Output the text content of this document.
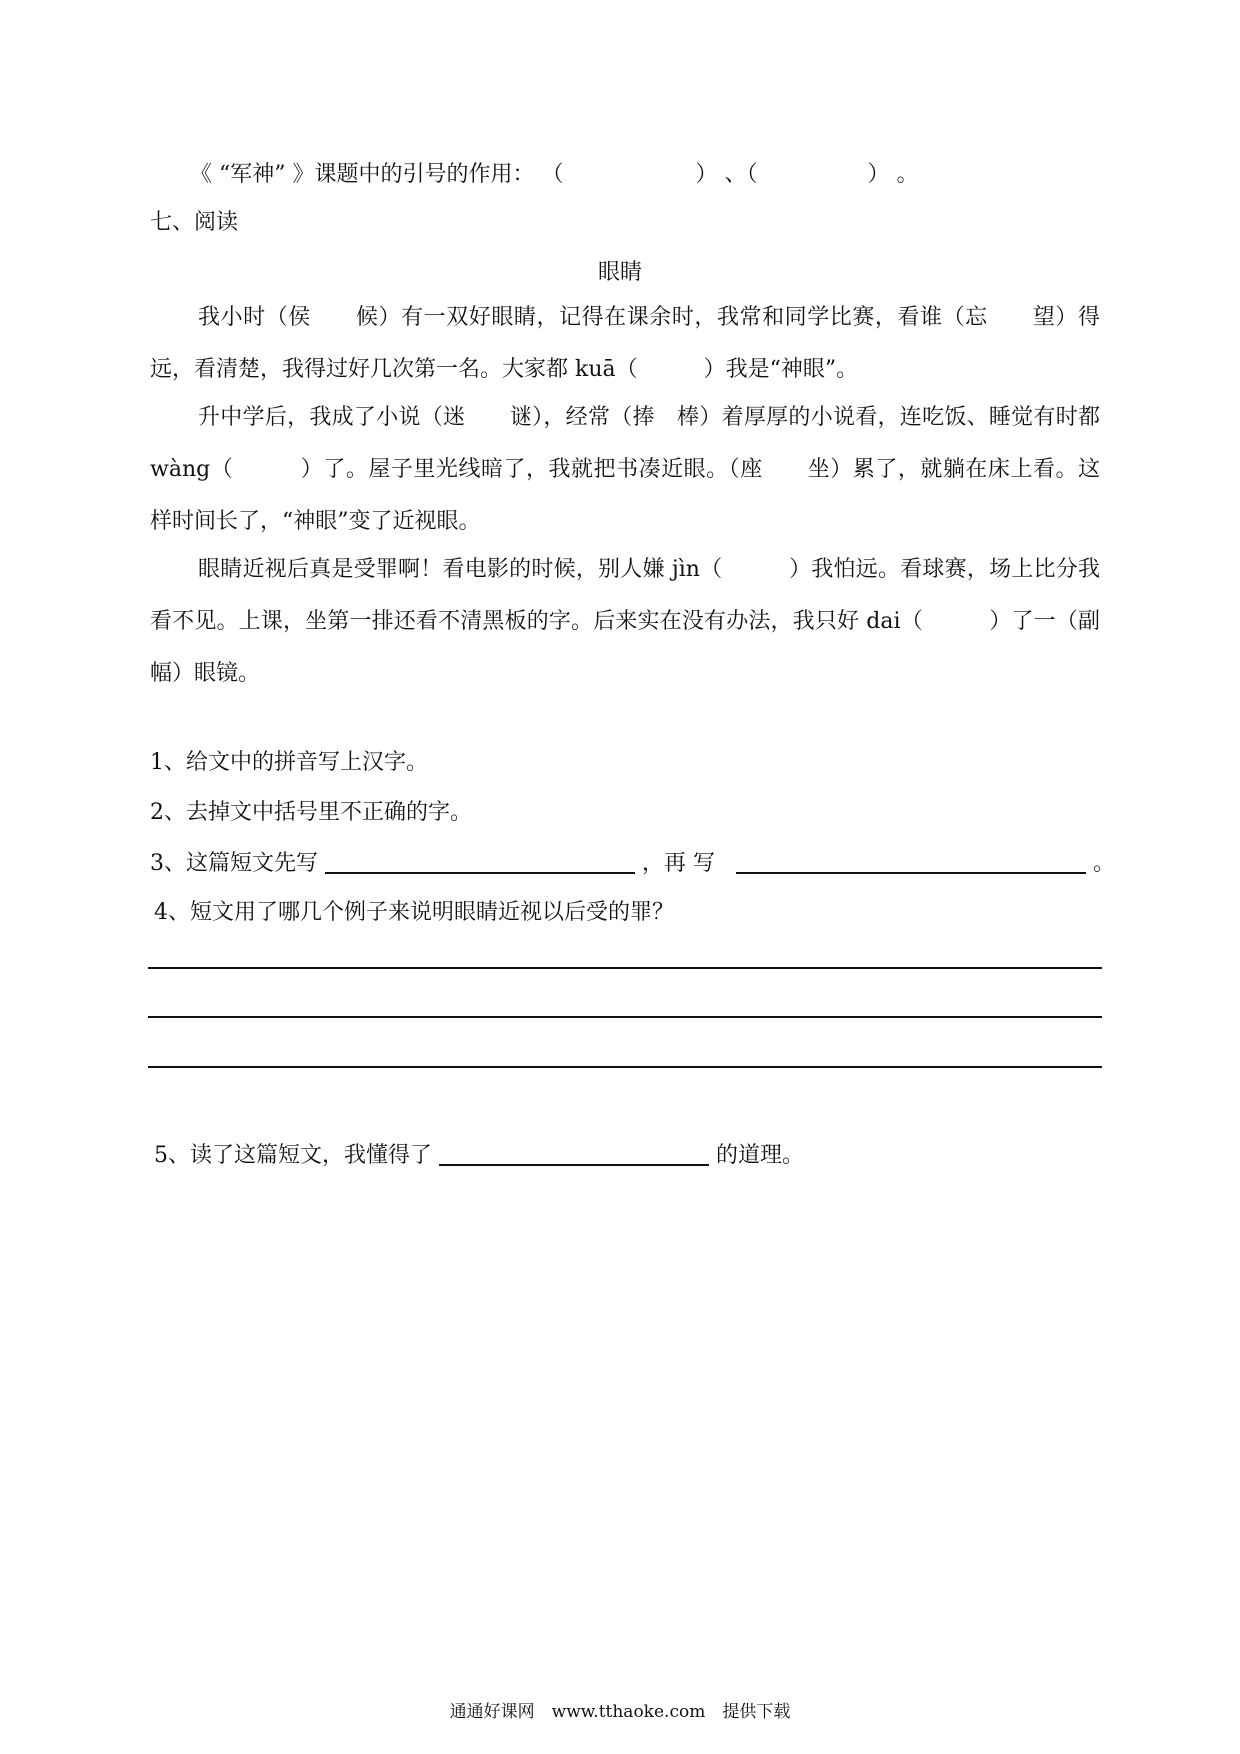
《 “军神” 》课题中的引号的作用： （　　　　　　） 、（　　　　　） 。
七、阅读
眼睛
我小时（侯　　候）有一双好眼睛，记得在课余时，我常和同学比赛，看谁（忘　　望）得远，看清楚，我得过好几次第一名。大家都 kuā（　　　）我是“神眼”。
升中学后，我成了小说（迷　　谜），经常（捧　棒）着厚厚的小说看，连吃饭、睡觉有时都 wàng（　　　）了。屋子里光线暗了，我就把书凑近眼。（座　　坐）累了，就躺在床上看。这样时间长了，“神眼”变了近视眼。
眼睛近视后真是受罪啊！看电影的时候，别人嫌 jìn（　　　）我怕远。看球赛，场上比分我看不见。上课，坐第一排还看不清黑板的字。后来实在没有办法，我只好 dai（　　　）了一（副　　幅）眼镜。
1、给文中的拼音写上汉字。
2、去掉文中括号里不正确的字。
3、这篇短文先写	，再 写	。
4、短文用了哪几个例子来说明眼睛近视以后受的罪？
5、读了这篇短文，我懂得了	的道理。
通通好课网　www.tthaoke.com　提供下载
